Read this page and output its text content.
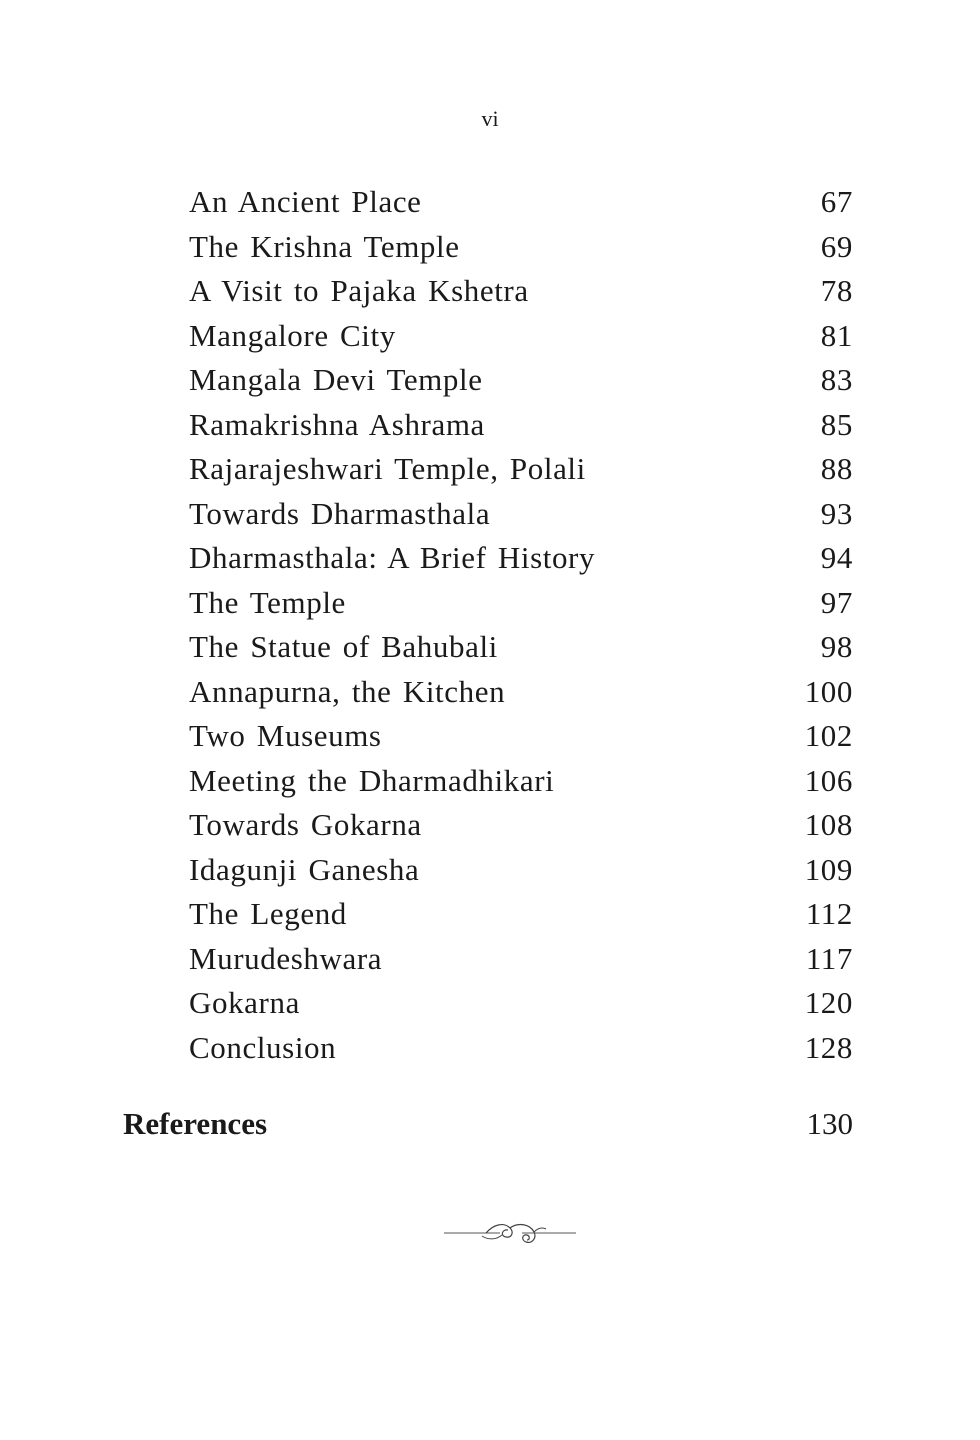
vi
An Ancient Place	67
The Krishna Temple	69
A Visit to Pajaka Kshetra	78
Mangalore City	81
Mangala Devi Temple	83
Ramakrishna Ashrama	85
Rajarajeshwari Temple, Polali	88
Towards Dharmasthala	93
Dharmasthala: A Brief History	94
The Temple	97
The Statue of Bahubali	98
Annapurna, the Kitchen	100
Two Museums	102
Meeting the Dharmadhikari	106
Towards Gokarna	108
Idagunji Ganesha	109
The Legend	112
Murudeshwara	117
Gokarna	120
Conclusion	128
References	130
